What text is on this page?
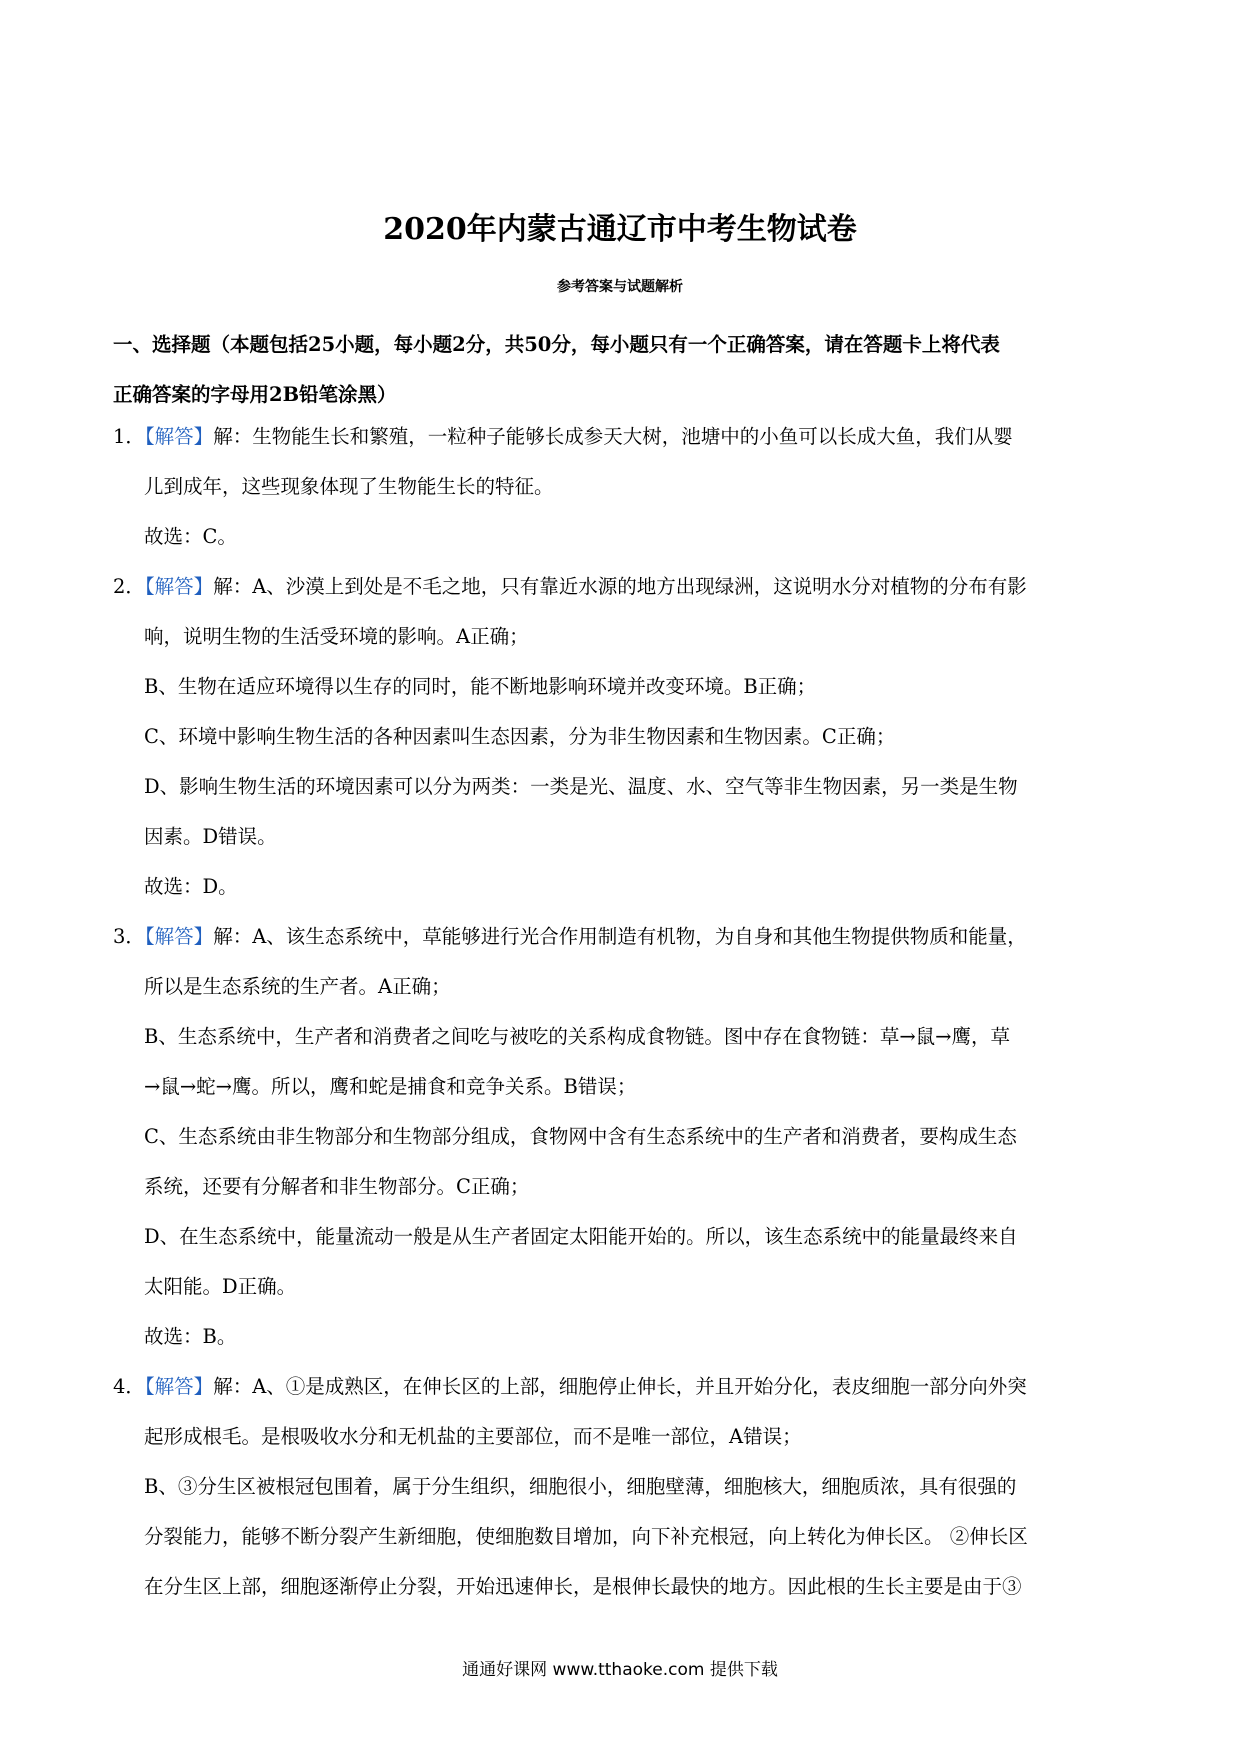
2020年内蒙古通辽市中考生物试卷
参考答案与试题解析
一、选择题（本题包括25小题，每小题2分，共50分，每小题只有一个正确答案，请在答题卡上将代表
正确答案的字母用2B铅笔涂黑）
1．【解答】解：生物能生长和繁殖，一粒种子能够长成参天大树，池塘中的小鱼可以长成大鱼，我们从婴
儿到成年，这些现象体现了生物能生长的特征。
故选：C。
2．【解答】解：A、沙漠上到处是不毛之地，只有靠近水源的地方出现绿洲，这说明水分对植物的分布有影
响，说明生物的生活受环境的影响。A正确；
B、生物在适应环境得以生存的同时，能不断地影响环境并改变环境。B正确；
C、环境中影响生物生活的各种因素叫生态因素，分为非生物因素和生物因素。C正确；
D、影响生物生活的环境因素可以分为两类：一类是光、温度、水、空气等非生物因素，另一类是生物
因素。D错误。
故选：D。
3．【解答】解：A、该生态系统中，草能够进行光合作用制造有机物，为自身和其他生物提供物质和能量，
所以是生态系统的生产者。A正确；
B、生态系统中，生产者和消费者之间吃与被吃的关系构成食物链。图中存在食物链：草→鼠→鹰，草
→鼠→蛇→鹰。所以，鹰和蛇是捕食和竞争关系。B错误；
C、生态系统由非生物部分和生物部分组成，食物网中含有生态系统中的生产者和消费者，要构成生态
系统，还要有分解者和非生物部分。C正确；
D、在生态系统中，能量流动一般是从生产者固定太阳能开始的。所以，该生态系统中的能量最终来自
太阳能。D正确。
故选：B。
4．【解答】解：A、①是成熟区，在伸长区的上部，细胞停止伸长，并且开始分化，表皮细胞一部分向外突
起形成根毛。是根吸收水分和无机盐的主要部位，而不是唯一部位，A错误；
B、③分生区被根冠包围着，属于分生组织，细胞很小，细胞壁薄，细胞核大，细胞质浓，具有很强的
分裂能力，能够不断分裂产生新细胞，使细胞数目增加，向下补充根冠，向上转化为伸长区。 ②伸长区
在分生区上部，细胞逐渐停止分裂，开始迅速伸长，是根伸长最快的地方。因此根的生长主要是由于③
通通好课网 www.tthaoke.com 提供下载
